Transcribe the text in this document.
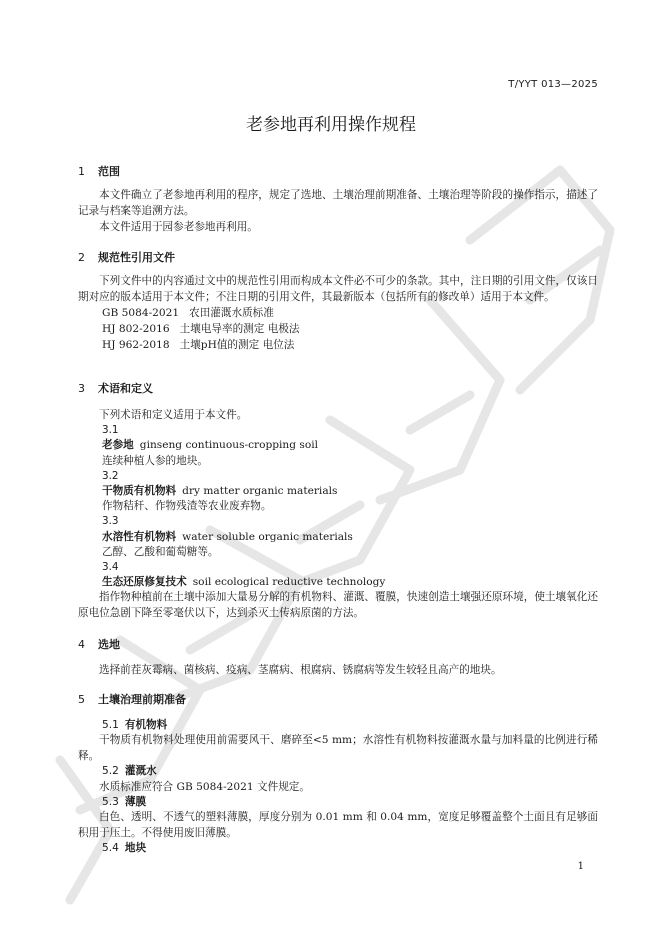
T/YYT 013—2025
老参地再利用操作规程
1 范围
本文件确立了老参地再利用的程序，规定了选地、土壤治理前期准备、土壤治理等阶段的操作指示，描述了记录与档案等追溯方法。
本文件适用于园参老参地再利用。
2 规范性引用文件
下列文件中的内容通过文中的规范性引用而构成本文件必不可少的条款。其中，注日期的引用文件，仅该日期对应的版本适用于本文件；不注日期的引用文件，其最新版本（包括所有的修改单）适用于本文件。
GB 5084-2021 农田灌溉水质标准
HJ 802-2016 土壤电导率的测定 电极法
HJ 962-2018 土壤pH值的测定 电位法
3 术语和定义
下列术语和定义适用于本文件。
3.1
老参地 ginseng continuous-cropping soil
连续种植人参的地块。
3.2
干物质有机物料 dry matter organic materials
作物秸秆、作物残渣等农业废弃物。
3.3
水溶性有机物料 water soluble organic materials
乙醇、乙酸和葡萄糖等。
3.4
生态还原修复技术 soil ecological reductive technology
指作物种植前在土壤中添加大量易分解的有机物料、灌溉、覆膜，快速创造土壤强还原环境，使土壤氧化还原电位急剧下降至零毫伏以下，达到杀灭土传病原菌的方法。
4 选地
选择前茬灰霉病、菌核病、疫病、茎腐病、根腐病、锈腐病等发生较轻且高产的地块。
5 土壤治理前期准备
5.1 有机物料
干物质有机物料处理使用前需要风干、磨碎至<5 mm；水溶性有机物料按灌溉水量与加料量的比例进行稀释。
5.2 灌溉水
水质标准应符合 GB 5084-2021 文件规定。
5.3 薄膜
白色、透明、不透气的塑料薄膜，厚度分别为 0.01 mm 和 0.04 mm，宽度足够覆盖整个土面且有足够面积用于压土。不得使用废旧薄膜。
5.4 地块
1
